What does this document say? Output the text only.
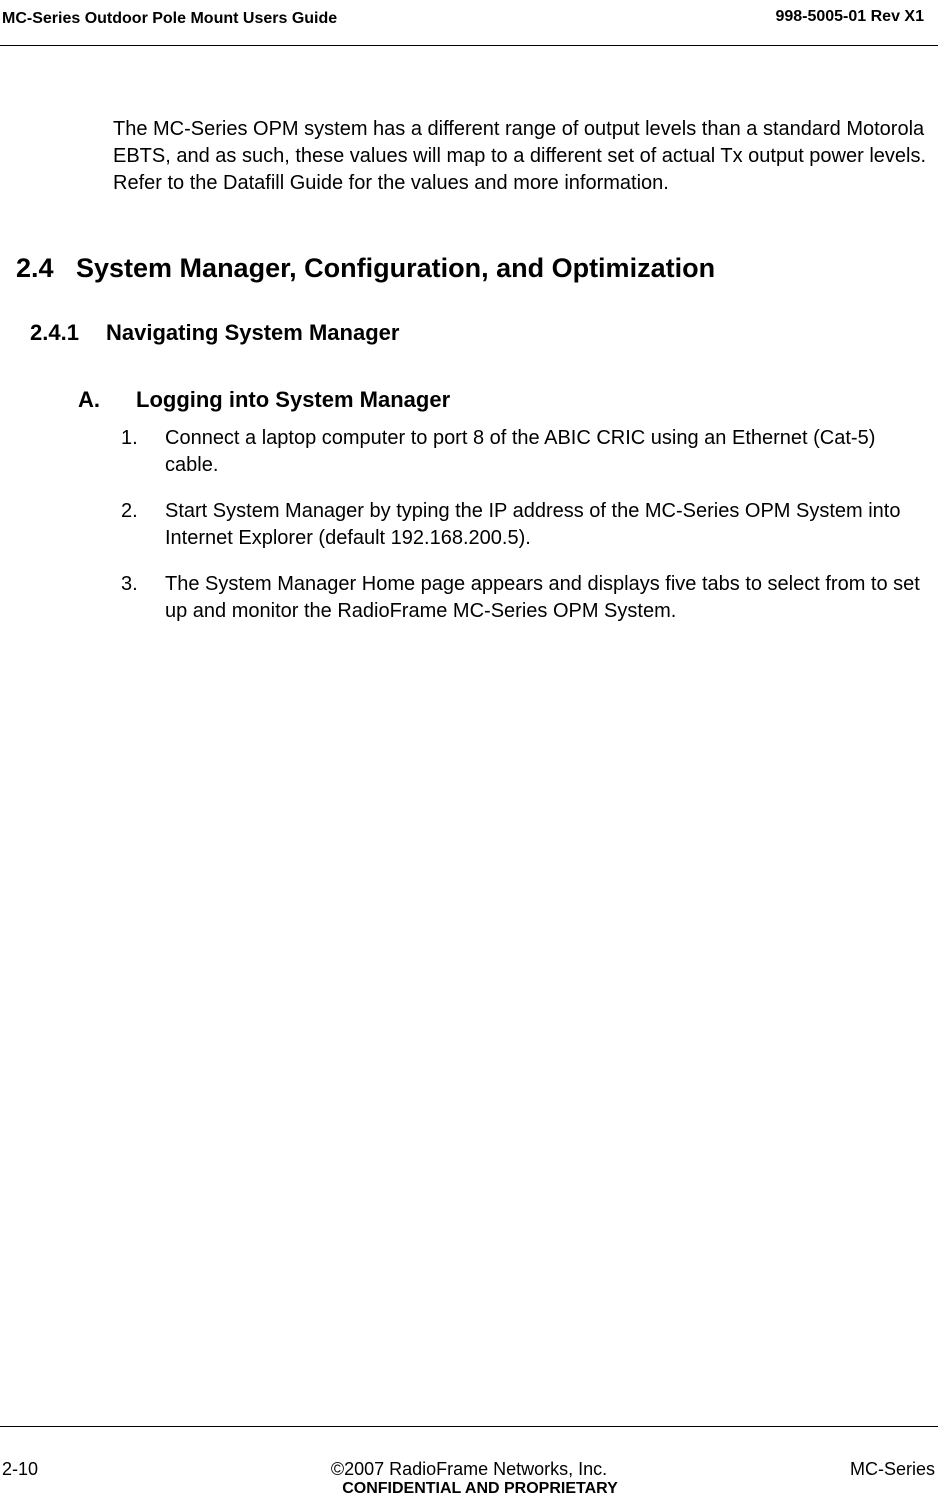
MC-Series Outdoor Pole Mount Users Guide	998-5005-01 Rev X1

The MC-Series OPM system has a different range of output levels than a standard Motorola EBTS, and as such, these values will map to a different set of actual Tx output power levels. Refer to the Datafill Guide for the values and more information.

2.4 System Manager, Configuration, and Optimization
2.4.1 Navigating System Manager
A. Logging into System Manager
1. Connect a laptop computer to port 8 of the ABIC CRIC using an Ethernet (Cat-5) cable.
2. Start System Manager by typing the IP address of the MC-Series OPM System into Internet Explorer (default 192.168.200.5).
3. The System Manager Home page appears and displays five tabs to select from to set up and monitor the RadioFrame MC-Series OPM System.
2-10	©2007 RadioFrame Networks, Inc.
CONFIDENTIAL AND PROPRIETARY
MC-Series
